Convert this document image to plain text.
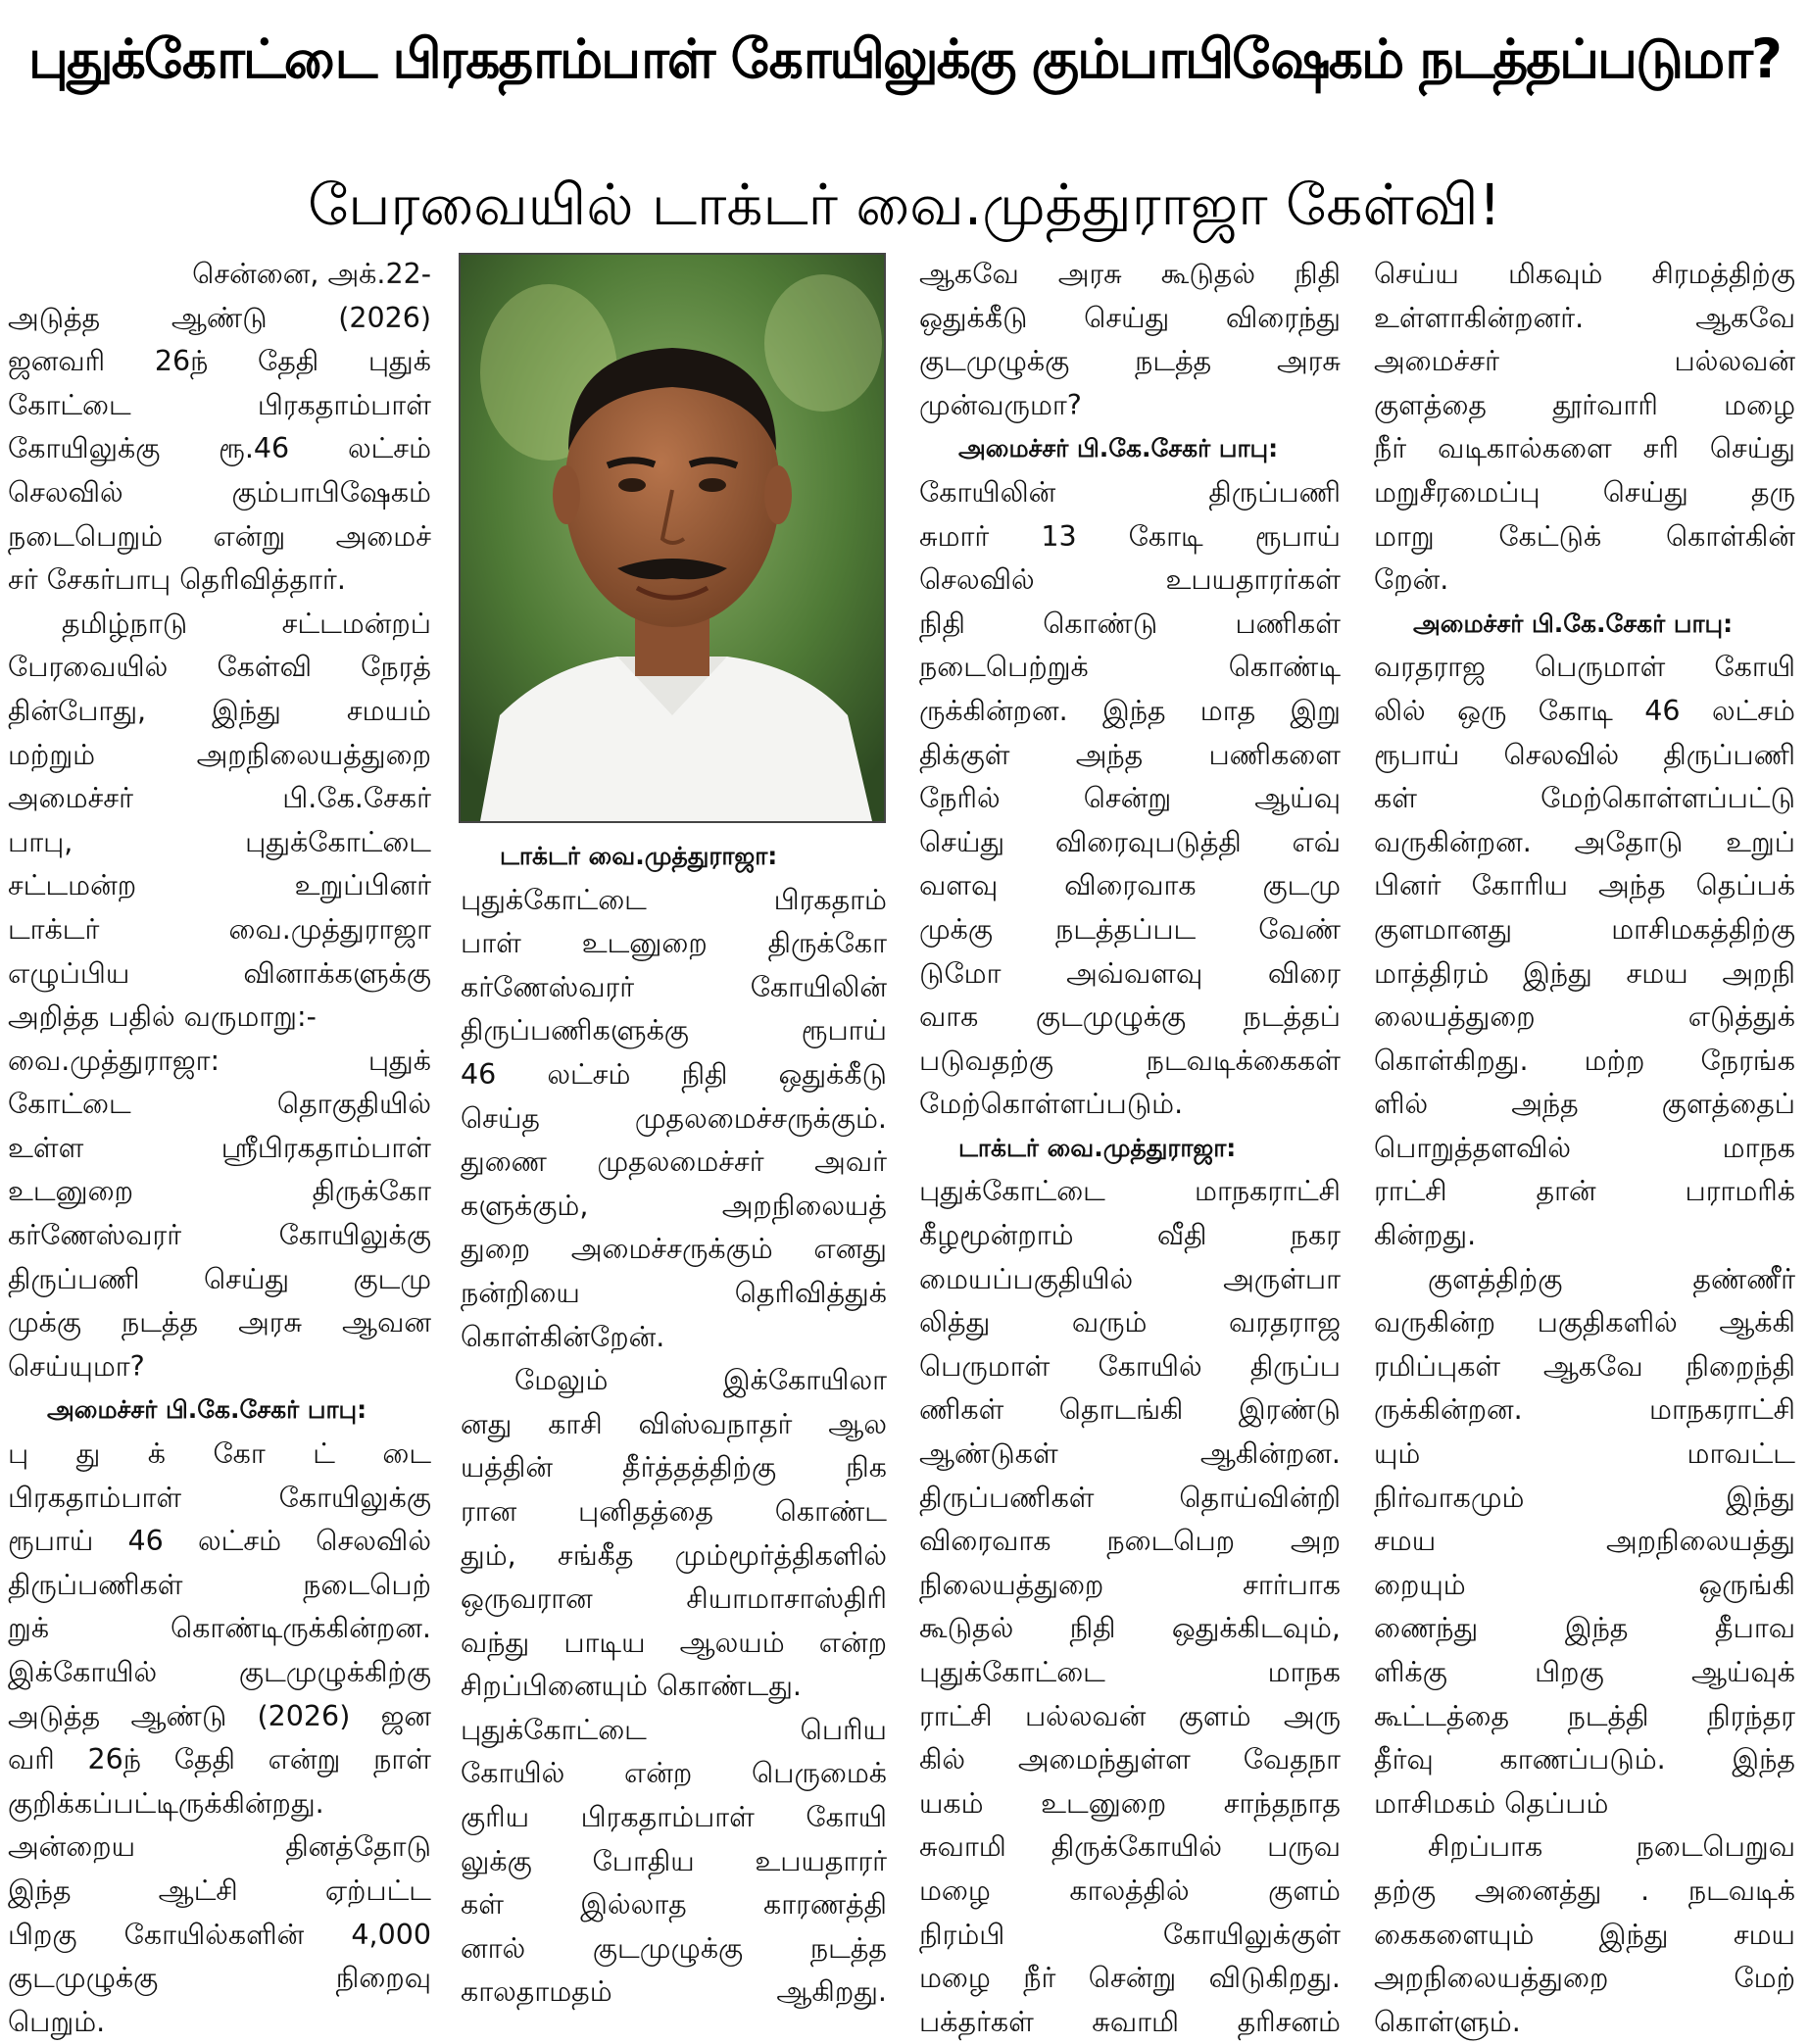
புதுக்கோட்டை பிரகதாம்பாள் கோயிலுக்கு கும்பாபிஷேகம் நடத்தப்படுமா?
பேரவையில் டாக்டர் வை.முத்துராஜா கேள்வி!

சென்னை, அக்.22-

அடுத்த ஆண்டு (2026)

ஜனவரி 26ந் தேதி புதுக்

கோட்டை பிரகதாம்பாள்

கோயிலுக்கு ரூ.46 லட்சம்

செலவில் கும்பாபிஷேகம்

நடைபெறும் என்று அமைச்

சர் சேகர்பாபு தெரிவித்தார்.

தமிழ்நாடு சட்டமன்றப்

பேரவையில் கேள்வி நேரத்

தின்போது, இந்து சமயம்

மற்றும் அறநிலையத்துறை

அமைச்சர் பி.கே.சேகர்

பாபு, புதுக்கோட்டை

சட்டமன்ற உறுப்பினர்

டாக்டர் வை.முத்துராஜா

எழுப்பிய வினாக்களுக்கு

அறித்த பதில் வருமாறு:-

வை.முத்துராஜா: புதுக்

கோட்டை தொகுதியில்

உள்ள ஸ்ரீபிரகதாம்பாள்

உடனுறை திருக்கோ

கர்ணேஸ்வரர் கோயிலுக்கு

திருப்பணி செய்து குடமு

முக்கு நடத்த அரசு ஆவன

செய்யுமா?

அமைச்சர் பி.கே.சேகர் பாபு:

பு து க் கோ ட் டை

பிரகதாம்பாள் கோயிலுக்கு

ரூபாய் 46 லட்சம் செலவில்

திருப்பணிகள் நடைபெற்

றுக் கொண்டிருக்கின்றன.

இக்கோயில் குடமுழுக்கிற்கு

அடுத்த ஆண்டு (2026) ஜன

வரி 26ந் தேதி என்று நாள்

குறிக்கப்பட்டிருக்கின்றது.

அன்றைய தினத்தோடு

இந்த ஆட்சி ஏற்பட்ட

பிறகு கோயில்களின் 4,000

குடமுழுக்கு நிறைவு

பெறும்.

டாக்டர் வை.முத்துராஜா:

புதுக்கோட்டை பிரகதாம்

பாள் உடனுறை திருக்கோ

கர்ணேஸ்வரர் கோயிலின்

திருப்பணிகளுக்கு ரூபாய்

46 லட்சம் நிதி ஒதுக்கீடு

செய்த முதலமைச்சருக்கும்.

துணை முதலமைச்சர் அவர்

களுக்கும், அறநிலையத்

துறை அமைச்சருக்கும் எனது

நன்றியை தெரிவித்துக்

கொள்கின்றேன்.

மேலும் இக்கோயிலா

னது காசி விஸ்வநாதர் ஆல

யத்தின் தீர்த்தத்திற்கு நிக

ரான புனிதத்தை கொண்ட

தும், சங்கீத மும்மூர்த்திகளில்

ஒருவரான சியாமாசாஸ்திரி

வந்து பாடிய ஆலயம் என்ற

சிறப்பினையும் கொண்டது.

புதுக்கோட்டை பெரிய

கோயில் என்ற பெருமைக்

குரிய பிரகதாம்பாள் கோயி

லுக்கு போதிய உபயதாரர்

கள் இல்லாத காரணத்தி

னால் குடமுழுக்கு நடத்த

காலதாமதம் ஆகிறது.

ஆகவே அரசு கூடுதல் நிதி

ஒதுக்கீடு செய்து விரைந்து

குடமுழுக்கு நடத்த அரசு

முன்வருமா?

அமைச்சர் பி.கே.சேகர் பாபு:

கோயிலின் திருப்பணி

சுமார் 13 கோடி ரூபாய்

செலவில் உபயதாரர்கள்

நிதி கொண்டு பணிகள்

நடைபெற்றுக் கொண்டி

ருக்கின்றன. இந்த மாத இறு

திக்குள் அந்த பணிகளை

நேரில் சென்று ஆய்வு

செய்து விரைவுபடுத்தி எவ்

வளவு விரைவாக குடமு

முக்கு நடத்தப்பட வேண்

டுமோ அவ்வளவு விரை

வாக குடமுழுக்கு நடத்தப்

படுவதற்கு நடவடிக்கைகள்

மேற்கொள்ளப்படும்.

டாக்டர் வை.முத்துராஜா:

புதுக்கோட்டை மாநகராட்சி

கீழமூன்றாம் வீதி நகர

மையப்பகுதியில் அருள்பா

லித்து வரும் வரதராஜ

பெருமாள் கோயில் திருப்ப

ணிகள் தொடங்கி இரண்டு

ஆண்டுகள் ஆகின்றன.

திருப்பணிகள் தொய்வின்றி

விரைவாக நடைபெற அற

நிலையத்துறை சார்பாக

கூடுதல் நிதி ஒதுக்கிடவும்,

புதுக்கோட்டை மாநக

ராட்சி பல்லவன் குளம் அரு

கில் அமைந்துள்ள வேதநா

யகம் உடனுறை சாந்தநாத

சுவாமி திருக்கோயில் பருவ

மழை காலத்தில் குளம்

நிரம்பி கோயிலுக்குள்

மழை நீர் சென்று விடுகிறது.

பக்தர்கள் சுவாமி தரிசனம்

செய்ய மிகவும் சிரமத்திற்கு

உள்ளாகின்றனர். ஆகவே

அமைச்சர் பல்லவன்

குளத்தை தூர்வாரி மழை

நீர் வடிகால்களை சரி செய்து

மறுசீரமைப்பு செய்து தரு

மாறு கேட்டுக் கொள்கின்

றேன்.

அமைச்சர் பி.கே.சேகர் பாபு:

வரதராஜ பெருமாள் கோயி

லில் ஒரு கோடி 46 லட்சம்

ரூபாய் செலவில் திருப்பணி

கள் மேற்கொள்ளப்பட்டு

வருகின்றன. அதோடு உறுப்

பினர் கோரிய அந்த தெப்பக்

குளமானது மாசிமகத்திற்கு

மாத்திரம் இந்து சமய அறநி

லையத்துறை எடுத்துக்

கொள்கிறது. மற்ற நேரங்க

ளில் அந்த குளத்தைப்

பொறுத்தளவில் மாநக

ராட்சி தான் பராமரிக்

கின்றது.

குளத்திற்கு தண்ணீர்

வருகின்ற பகுதிகளில் ஆக்கி

ரமிப்புகள் ஆகவே நிறைந்தி

ருக்கின்றன. மாநகராட்சி

யும் மாவட்ட

நிர்வாகமும் இந்து

சமய அறநிலையத்து

றையும் ஒருங்கி

ணைந்து இந்த தீபாவ

ளிக்கு பிறகு ஆய்வுக்

கூட்டத்தை நடத்தி நிரந்தர

தீர்வு காணப்படும். இந்த

மாசிமகம் தெப்பம்

சிறப்பாக நடைபெறுவ

தற்கு அனைத்து . நடவடிக்

கைகளையும் இந்து சமய

அறநிலையத்துறை மேற்

கொள்ளும்.
